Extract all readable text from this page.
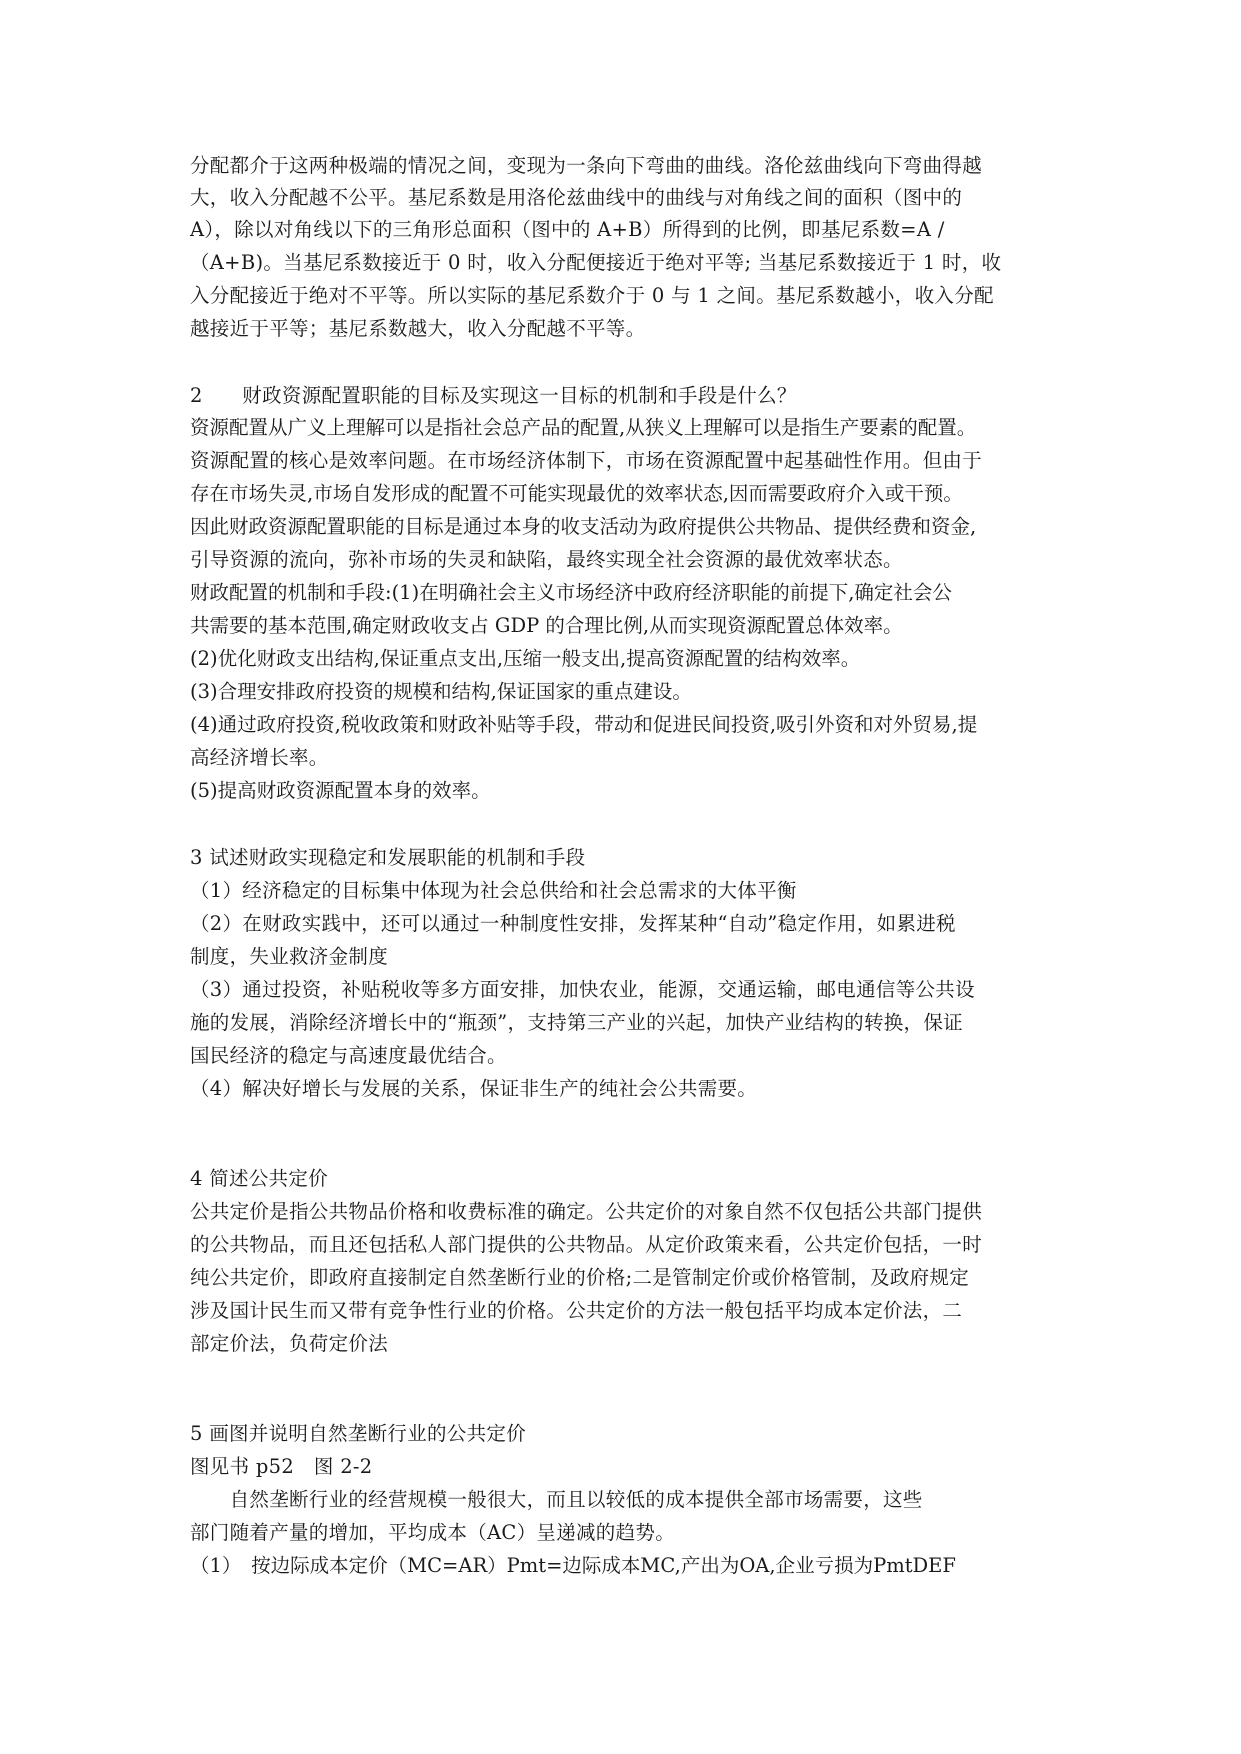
分配都介于这两种极端的情况之间，变现为一条向下弯曲的曲线。洛伦兹曲线向下弯曲得越
大，收入分配越不公平。基尼系数是用洛伦兹曲线中的曲线与对角线之间的面积（图中的
A），除以对角线以下的三角形总面积（图中的 A+B）所得到的比例，即基尼系数=A /
（A+B)。当基尼系数接近于 0 时，收入分配便接近于绝对平等; 当基尼系数接近于 1 时，收
入分配接近于绝对不平等。所以实际的基尼系数介于 0 与 1 之间。基尼系数越小，收入分配
越接近于平等；基尼系数越大，收入分配越不平等。
2　　财政资源配置职能的目标及实现这一目标的机制和手段是什么？
资源配置从广义上理解可以是指社会总产品的配置,从狭义上理解可以是指生产要素的配置。
资源配置的核心是效率问题。在市场经济体制下，市场在资源配置中起基础性作用。但由于
存在市场失灵,市场自发形成的配置不可能实现最优的效率状态,因而需要政府介入或干预。
因此财政资源配置职能的目标是通过本身的收支活动为政府提供公共物品、提供经费和资金,
引导资源的流向，弥补市场的失灵和缺陷，最终实现全社会资源的最优效率状态。
财政配置的机制和手段:(1)在明确社会主义市场经济中政府经济职能的前提下,确定社会公
共需要的基本范围,确定财政收支占 GDP 的合理比例,从而实现资源配置总体效率。
(2)优化财政支出结构,保证重点支出,压缩一般支出,提高资源配置的结构效率。
(3)合理安排政府投资的规模和结构,保证国家的重点建设。
(4)通过政府投资,税收政策和财政补贴等手段，带动和促进民间投资,吸引外资和对外贸易,提
高经济增长率。
(5)提高财政资源配置本身的效率。
3 试述财政实现稳定和发展职能的机制和手段
（1）经济稳定的目标集中体现为社会总供给和社会总需求的大体平衡
（2）在财政实践中，还可以通过一种制度性安排，发挥某种“自动”稳定作用，如累进税
制度，失业救济金制度
（3）通过投资，补贴税收等多方面安排，加快农业，能源，交通运输，邮电通信等公共设
施的发展，消除经济增长中的“瓶颈”，支持第三产业的兴起，加快产业结构的转换，保证
国民经济的稳定与高速度最优结合。
（4）解决好增长与发展的关系，保证非生产的纯社会公共需要。
4 简述公共定价
公共定价是指公共物品价格和收费标准的确定。公共定价的对象自然不仅包括公共部门提供
的公共物品，而且还包括私人部门提供的公共物品。从定价政策来看，公共定价包括，一时
纯公共定价，即政府直接制定自然垄断行业的价格;二是管制定价或价格管制，及政府规定
涉及国计民生而又带有竞争性行业的价格。公共定价的方法一般包括平均成本定价法，二
部定价法，负荷定价法
5 画图并说明自然垄断行业的公共定价
图见书 p52　图 2-2
　　自然垄断行业的经营规模一般很大，而且以较低的成本提供全部市场需要，这些
部门随着产量的增加，平均成本（AC）呈递减的趋势。
（1）　按边际成本定价（MC=AR）Pmt=边际成本MC,产出为OA,企业亏损为PmtDEF
